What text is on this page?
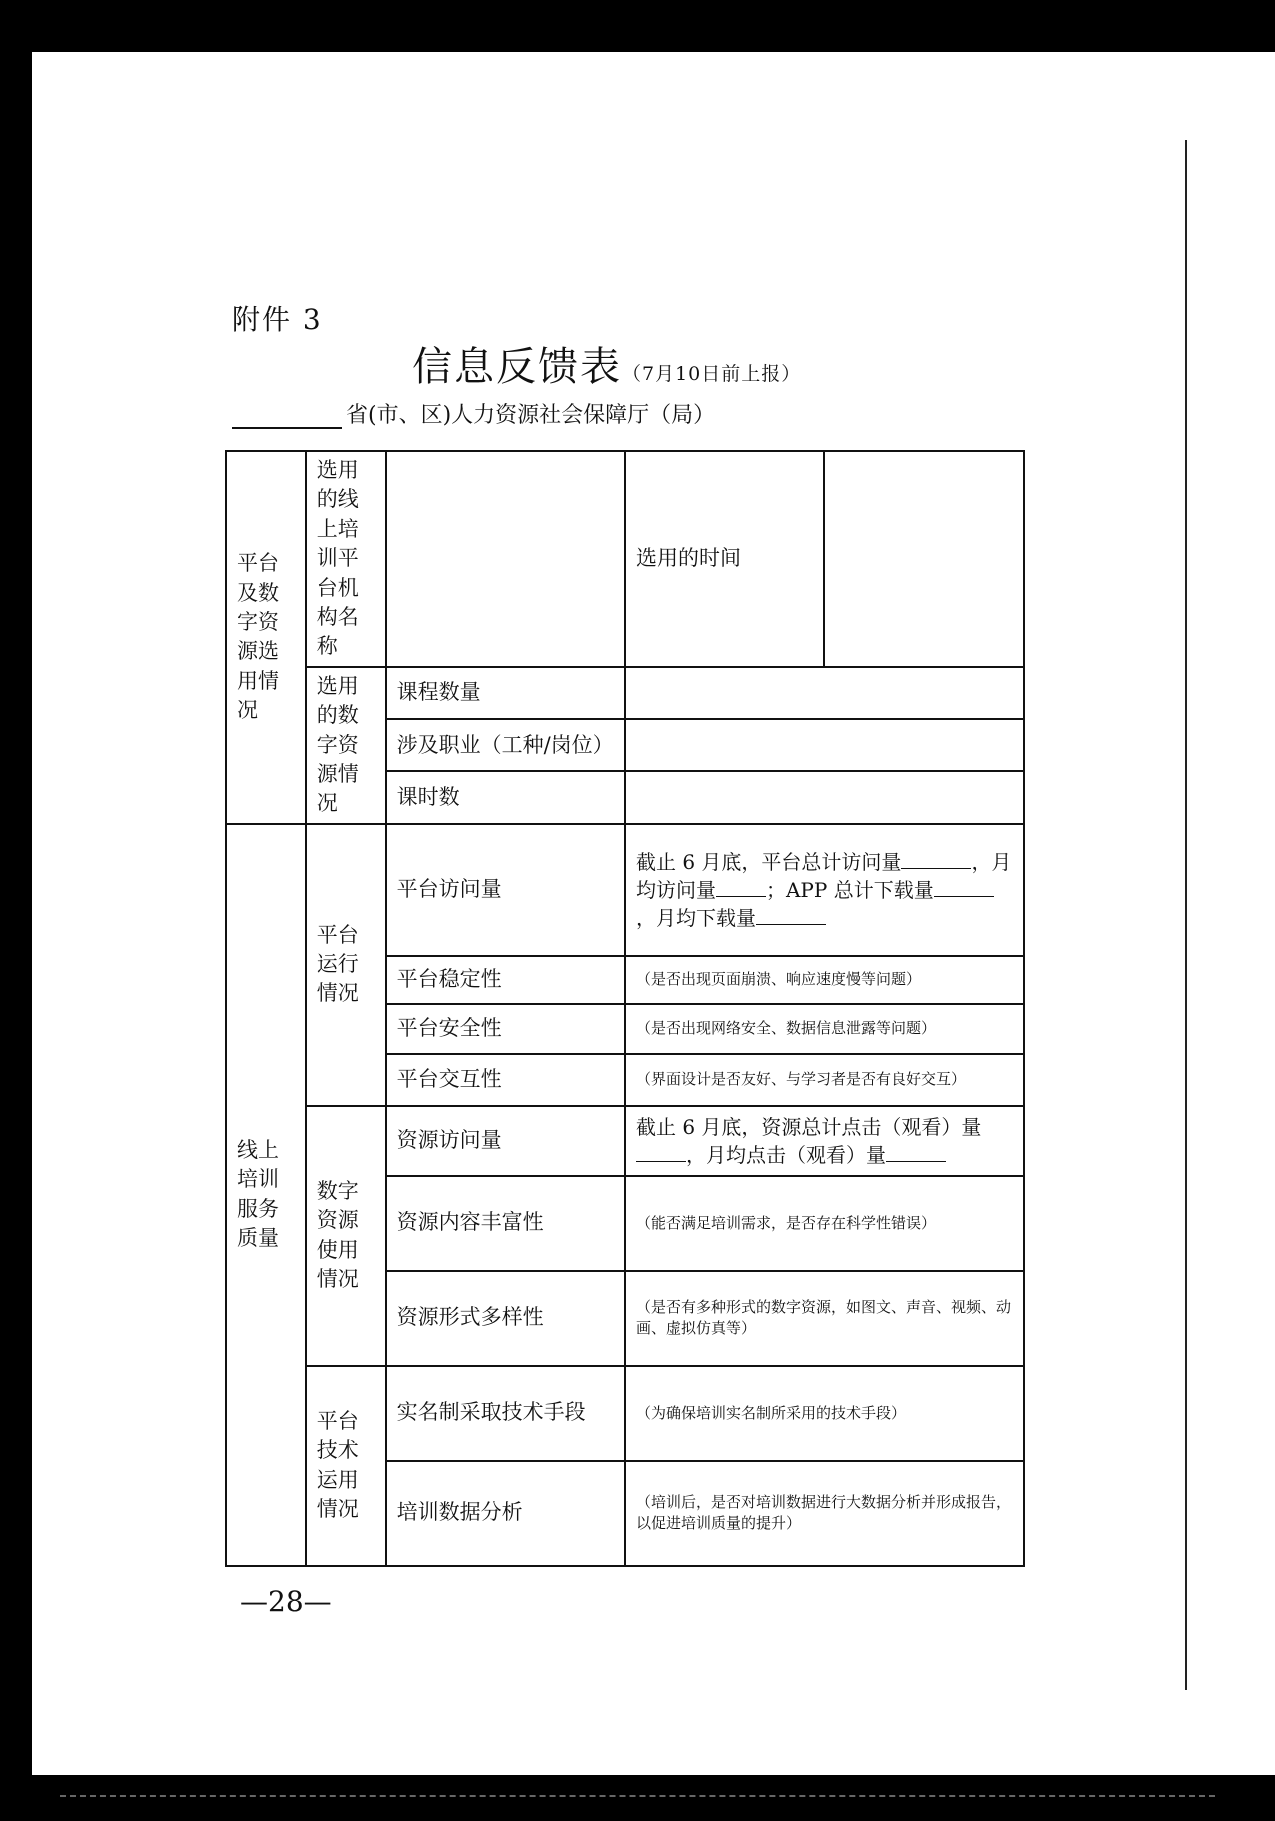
附件 3
信息反馈表（7月10日前上报）
省(市、区)人力资源社会保障厅（局）
平台及数字资源选用情况	选用的线上培训平台机构名称		选用的时间	
	选用的数字资源情况	课程数量		
		涉及职业（工种/岗位）		
		课时数		
线上培训服务质量	平台运行情况	平台访问量	截止 6 月底，平台总计访问量 ，月均访问量 ；APP 总计下载量，月均下载量	
		平台稳定性	（是否出现页面崩溃、响应速度慢等问题）	
		平台安全性	（是否出现网络安全、数据信息泄露等问题）	
		平台交互性	（界面设计是否友好、与学习者是否有良好交互）	
	数字资源使用情况	资源访问量	截止 6 月底，资源总计点击（观看）量，月均点击（观看）量	
		资源内容丰富性	（能否满足培训需求，是否存在科学性错误）	
		资源形式多样性	（是否有多种形式的数字资源，如图文、声音、视频、动画、虚拟仿真等）	
	平台技术运用情况	实名制采取技术手段	（为确保培训实名制所采用的技术手段）	
		培训数据分析	（培训后，是否对培训数据进行大数据分析并形成报告，以促进培训质量的提升）	
—28—
